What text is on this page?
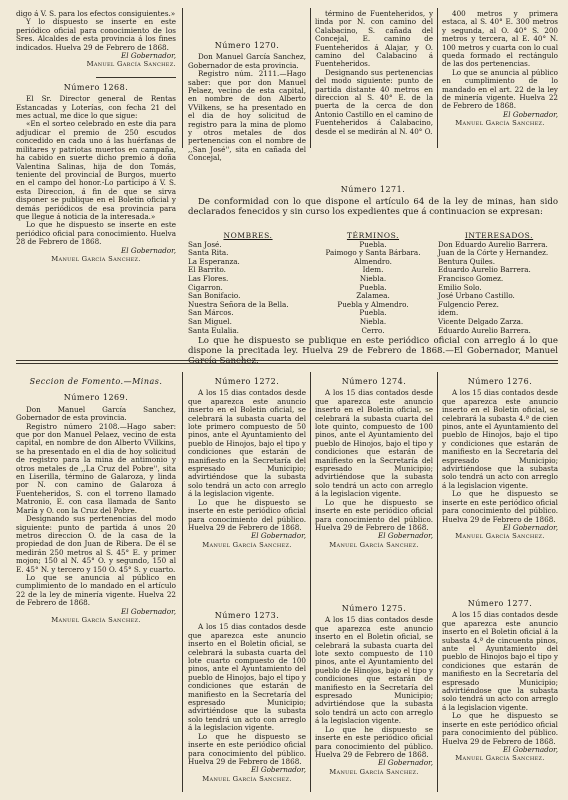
digo á V. S. para los efectos consiguientes.»

Y lo dispuesto se inserte en este periódico oficial para conocimiento de los Sres. Alcaldes de esta provincia á los fines indicados. Huelva 29 de Febrero de 1868.

El Gobernador,

Manuel García Sanchez.

Número 1268.

El Sr. Director general de Rentas Estancadas y Loterías, con fecha 21 del mes actual, me dice lo que sigue:

«En el sorteo celebrado en este dia para adjudicar el premio de 250 escudos concedido en cada uno á las huérfanas de militares y patriotas muertos en campaña, ha cabido en suerte dicho premio á doña Valentina Salinas, hija de don Tomás, teniente del provincial de Burgos, muerto en el campo del honor.-Lo participo á V. S. esta Direccion, á fin de que se sirva disponer se publique en el Boletin oficial y demás periódicos de esa provincia para que llegue á noticia de la interesada.»

Lo que he dispuesto se inserte en este periódico oficial para conocimiento. Huelva 28 de Febrero de 1868.

El Gobernador,

Manuel García Sanchez.

Número 1270.

Don Manuel García Sanchez, Gobernador de esta provincia.

Registro núm. 2111.—Hago saber: que por don Manuel Pelaez, vecino de esta capital, en nombre de don Alberto VVilkens, se ha presentado en el dia de hoy solicitud de registro para la mina de plomo y otros metales de dos pertenencias con el nombre de ,,San José'', sita en cañada del Concejal,

término de Fuenteheridos, y linda por N. con camino del Calabacino, S. cañada del Concejal, E. camino de Fuenteheridos á Alajar, y O. camino del Calabacino á Fuenteheridos.

Designando sus pertenencias del modo siguiente: punto de partida distante 40 metros en direccion al S. 40° E. de la puerta de la cerca de don Antonio Castillo en el camino de Fuenteheridos á Calabacino, desde el se medirán al N. 40° O.

400 metros y primera estaca, al S. 40° E. 300 metros y segunda, al O. 40° S. 200 metros y tercera, al E. 40° N. 100 metros y cuarta con lo cual queda formado el rectángulo de las dos pertenencias.

Lo que se anuncia al público en cumplimiento de lo mandado en el art. 22 de la ley de minería vigente. Huelva 22 de Febrero de 1868.

El Gobernador,

Manuel García Sanchez.

Número 1271.

De conformidad con lo que dispone el artículo 64 de la ley de minas, han sido declarados fenecidos y sin curso los expedientes que á continuacion se expresan:

NOMBRES.
San José.
Santa Rita.
La Esperanza.
El Barrito.
Las Flores.
Cigarron.
San Bonifacio.
Nuestra Señora de la Bella.
San Márcos.
San Miguel.
Santa Eulalia.
TÉRMINOS.
Puebla.
Paimogo y Santa Bárbara.
Almendro.
Idem.
Niebla.
Puebla.
Zalamea.
Puebla y Almendro.
Puebla.
Niebla.
Cerro.
INTERESADOS.
Don Eduardo Aurelio Barrera.
Juan de la Córte y Hernandez.
Bentura Quiles.
Eduardo Aurelio Barrera.
Francisco Gomez.
Emilio Solo.
José Urbano Castillo.
Fulgencio Perez.
idem.
Vicente Delgado Zarza.
Eduardo Aurelio Barrera.

Lo que he dispuesto se publique en este periódico oficial con arreglo á lo que dispone la precitada ley. Huelva 29 de Febrero de 1868.—El Gobernador, Manuel García Sanchez.

Seccion de Fomento.—Minas.
Número 1269.

Don Manuel García Sanchez, Gobernador de esta provincia.

Registro número 2108.—Hago saber: que por don Manuel Pelaez, vecino de esta capital, en nombre de don Alberto VVilkins, se ha presentado en el dia de hoy solicitud de registro para la mina de antimonio y otros metales de ,,La Cruz del Pobre'', sita en Liserilla, término de Galaroza, y linda por N. con camino de Galaroza á Fuenteheridos, S. con el torreno llamado Matronio, E. con casa llamada de Santo María y O. con la Cruz del Pobre.

Designando sus pertenencias del modo siguiente: punto de partida á unos 20 metros direccion O. de la casa de la propiedad de don Juan de Ribera. De él se medirán 250 metros al S. 45° E. y primer mojon; 150 al N. 45° O. y segundo, 150 al E. 45° N. y tercero y 150 O. 45° S. y cuarto.

Lo que se anuncia al público en cumplimiento de lo mandado en el artículo 22 de la ley de minería vigente. Huelva 22 de Febrero de 1868.

El Gobernador,

Manuel García Sanchez.

Número 1272.

A los 15 dias contados desde que aparezca este anuncio inserto en el Boletin oficial, se celebrará la subasta cuarta del lote primero compuesto de 50 pinos, ante el Ayuntamiento del pueblo de Hinojos, bajo el tipo y condiciones que estarán de manifiesto en la Secretaría del espresado Municipio; advirtiéndose que la subasta solo tendrá un acto con arreglo á la legislacion vigente.

Lo que he dispuesto se inserte en este periódico oficial para conocimiento del público. Huelva 29 de Febrero de 1868.

El Gobernador,

Manuel García Sanchez.

Número 1273.

A los 15 dias contados desde que aparezca este anuncio inserto en el Boletin oficial, se celebrará la subasta cuarta del lote cuarto compuesto de 100 pinos, ante el Ayuntamiento del pueblo de Hinojos, bajo el tipo y condiciones que estarán de manifiesto en la Secretaría del espresado Municipio; advirtiéndose que la subasta solo tendrá un acto con arreglo á la legislacion vigente.

Lo que he dispuesto se inserte en este periódico oficial para conocimiento del público. Huelva 29 de Febrero de 1868.

El Gobernador,

Manuel García Sanchez.

Número 1274.

A los 15 dias contados desde que aparezca este anuncio inserto en el Boletin oficial, se celebrará la subasta cuarta del lote quinto, compuesto de 100 pinos, ante el Ayuntamiento del pueblo de Hinojos, bajo el tipo y condiciones que estarán de manifiesto en la Secretaría del espresado Municipio; advirtiéndose que la subasta solo tendrá un acto con arreglo á la legislacion vigente.

Lo que he dispuesto se inserte en este periódico oficial para conocimiento del público. Huelva 29 de Febrero de 1868.

El Gobernador,

Manuel García Sanchez.

Número 1275.

A los 15 dias contados desde que aparezca este anuncio inserto en el Boletin oficial, se celebrará la subasta cuarta del lote sexto compuesto de 110 pinos, ante el Ayuntamiento del pueblo de Hinojos, bajo el tipo y condiciones que estarán de manifiesto en la Secretaría del espresado Municipio; advirtiéndose que la subasta solo tendrá un acto con arreglo á la legislacion vigente.

Lo que he dispuesto se inserte en este periódico oficial para conocimiento del público. Huelva 29 de Febrero de 1868.

El Gobernador,

Manuel García Sanchez.

Número 1276.

A los 15 dias contados desde que aparezca este anuncio inserto en el Boletin oficial, se celebrará la subasta 4.ª de cien pinos, ante el Ayuntamiento del pueblo de Hinojos, bajo el tipo y condiciones que estarán de manifiesto en la Secretaría del espresado Municipio; advirtiéndose que la subasta solo tendrá un acto con arreglo á la legislacion vigente.

Lo que he dispuesto se inserte en este periódico oficial para conocimiento del público. Huelva 29 de Febrero de 1868.

El Gobernador,

Manuel García Sanchez.

Número 1277.

A los 15 dias contados desde que aparezca este anuncio inserto en el Boletin oficial á la subasta 4.ª de cincuenta pinos, ante el Ayuntamiento del pueblo de Hinojos bajo el tipo y condiciones que estarán de manifiesto en la Secretaría del espresado Municipio; advirtiéndose que la subasta solo tendrá un acto con arreglo á la legislacion vigente.

Lo que he dispuesto se inserte en este periódico oficial para conocimiento del público. Huelva 29 de Febrero de 1868.

El Gobernador,

Manuel García Sanchez.
